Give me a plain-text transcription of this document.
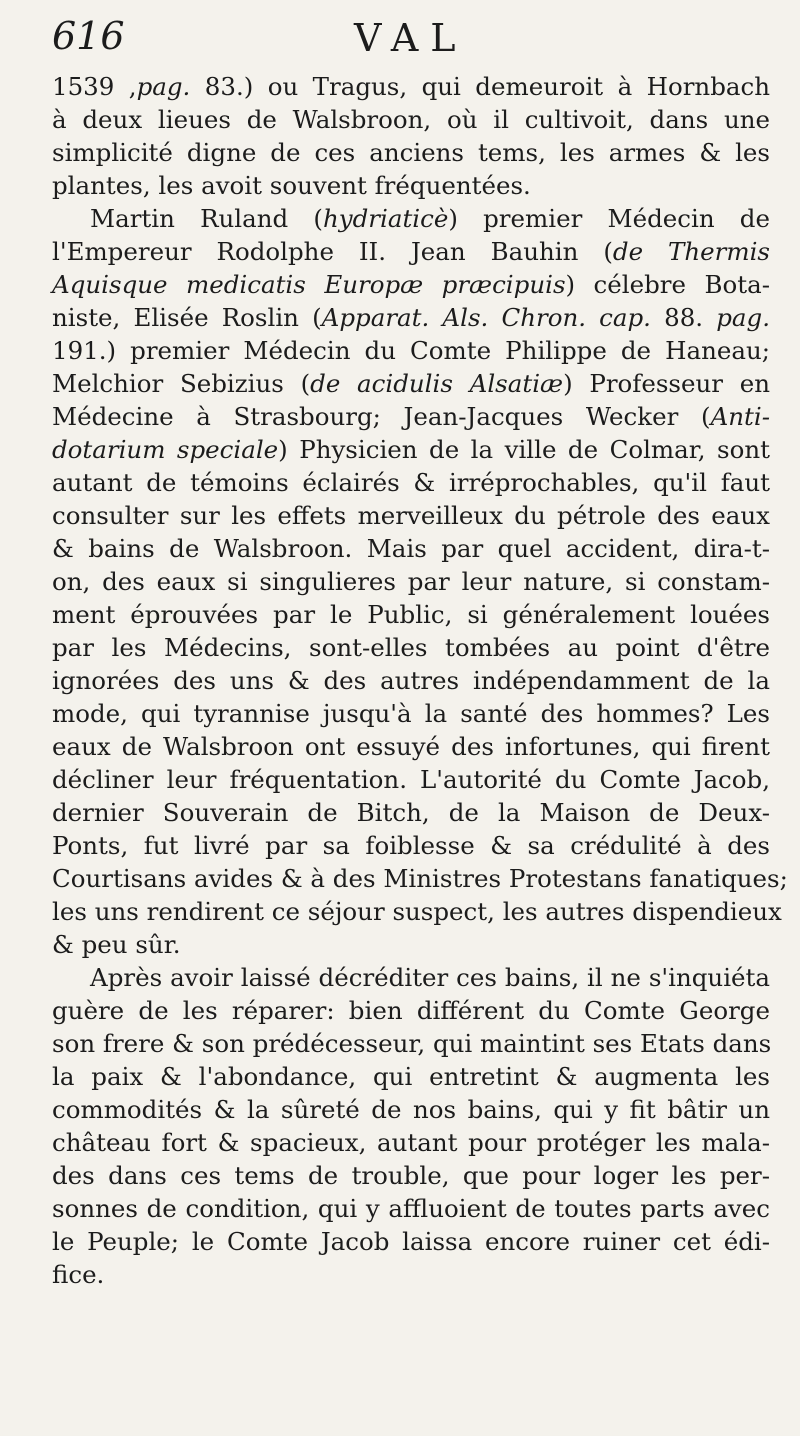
616	VAL
1539 ,pag. 83.) ou Tragus, qui demeuroit à Hornbach
à deux lieues de Walsbroon, où il cultivoit, dans une
simplicité digne de ces anciens tems, les armes & les
plantes, les avoit souvent fréquentées.
Martin Ruland (hydriaticè) premier Médecin de
l'Empereur Rodolphe II. Jean Bauhin (de Thermis
Aquisque medicatis Europæ præcipuis) célebre Bota-
niste, Elisée Roslin (Apparat. Als. Chron. cap. 88. pag.
191.) premier Médecin du Comte Philippe de Haneau;
Melchior Sebizius (de acidulis Alsatiæ) Professeur en
Médecine à Strasbourg; Jean-Jacques Wecker (Anti-
dotarium speciale) Physicien de la ville de Colmar, sont
autant de témoins éclairés & irréprochables, qu'il faut
consulter sur les effets merveilleux du pétrole des eaux
& bains de Walsbroon. Mais par quel accident, dira-t-
on, des eaux si singulieres par leur nature, si constam-
ment éprouvées par le Public, si généralement louées
par les Médecins, sont-elles tombées au point d'être
ignorées des uns & des autres indépendamment de la
mode, qui tyrannise jusqu'à la santé des hommes? Les
eaux de Walsbroon ont essuyé des infortunes, qui firent
décliner leur fréquentation. L'autorité du Comte Jacob,
dernier Souverain de Bitch, de la Maison de Deux-
Ponts, fut livré par sa foiblesse & sa crédulité à des
Courtisans avides & à des Ministres Protestans fanatiques;
les uns rendirent ce séjour suspect, les autres dispendieux
& peu sûr.
Après avoir laissé décréditer ces bains, il ne s'inquiéta
guère de les réparer: bien différent du Comte George
son frere & son prédécesseur, qui maintint ses Etats dans
la paix & l'abondance, qui entretint & augmenta les
commodités & la sûreté de nos bains, qui y fit bâtir un
château fort & spacieux, autant pour protéger les mala-
des dans ces tems de trouble, que pour loger les per-
sonnes de condition, qui y affluoient de toutes parts avec
le Peuple; le Comte Jacob laissa encore ruiner cet édi-
fice.
